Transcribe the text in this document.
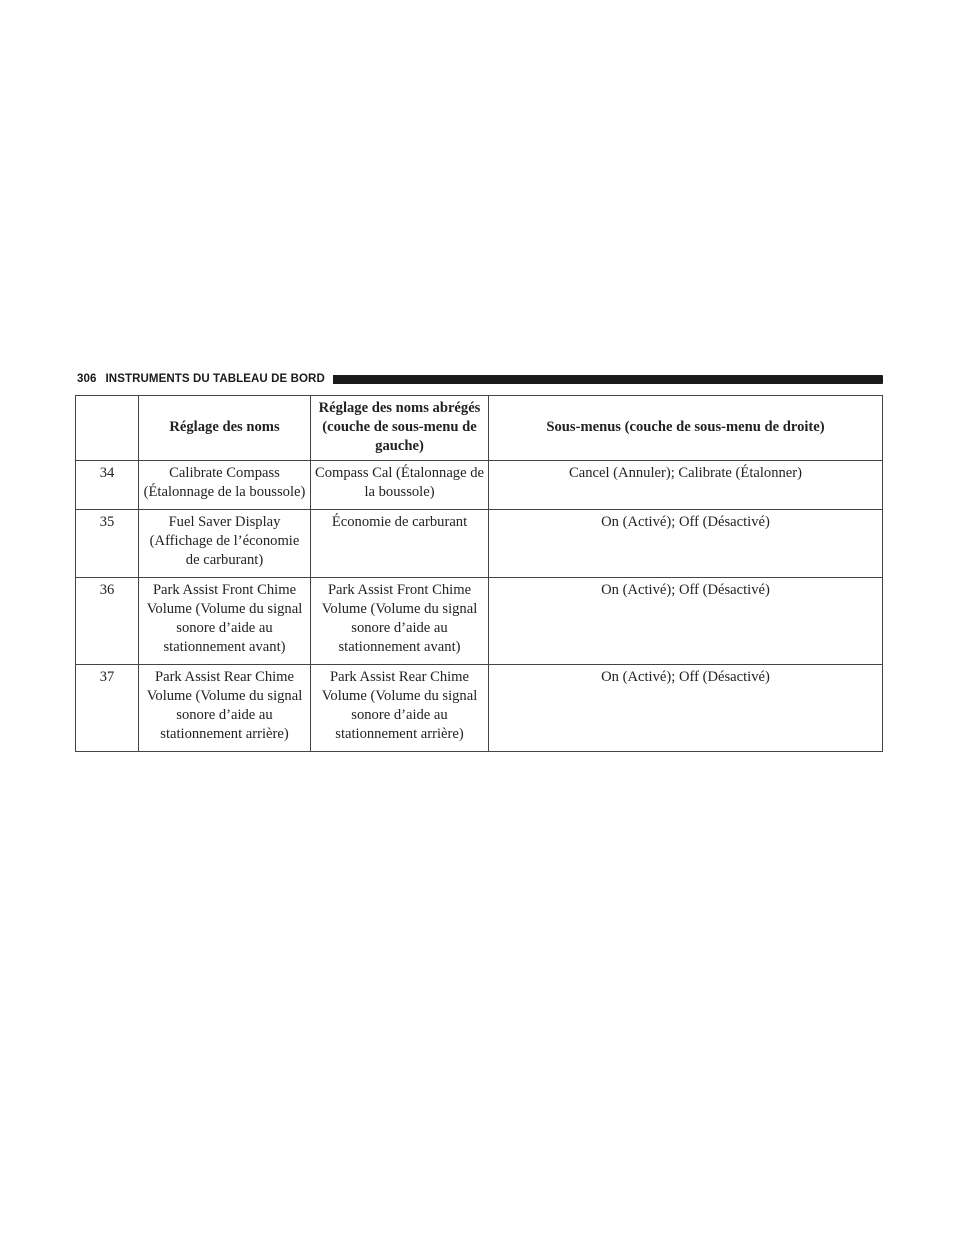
306 INSTRUMENTS DU TABLEAU DE BORD
	Réglage des noms	Réglage des noms abrégés (couche de sous-menu de gauche)	Sous-menus (couche de sous-menu de droite)
34	Calibrate Compass (Étalonnage de la boussole)	Compass Cal (Étalonnage de la boussole)	Cancel (Annuler); Calibrate (Étalonner)
35	Fuel Saver Display (Affichage de l’économie de carburant)	Économie de carburant	On (Activé); Off (Désactivé)
36	Park Assist Front Chime Volume (Volume du signal sonore d’aide au stationnement avant)	Park Assist Front Chime Volume (Volume du signal sonore d’aide au stationnement avant)	On (Activé); Off (Désactivé)
37	Park Assist Rear Chime Volume (Volume du signal sonore d’aide au stationnement arrière)	Park Assist Rear Chime Volume (Volume du signal sonore d’aide au stationnement arrière)	On (Activé); Off (Désactivé)
